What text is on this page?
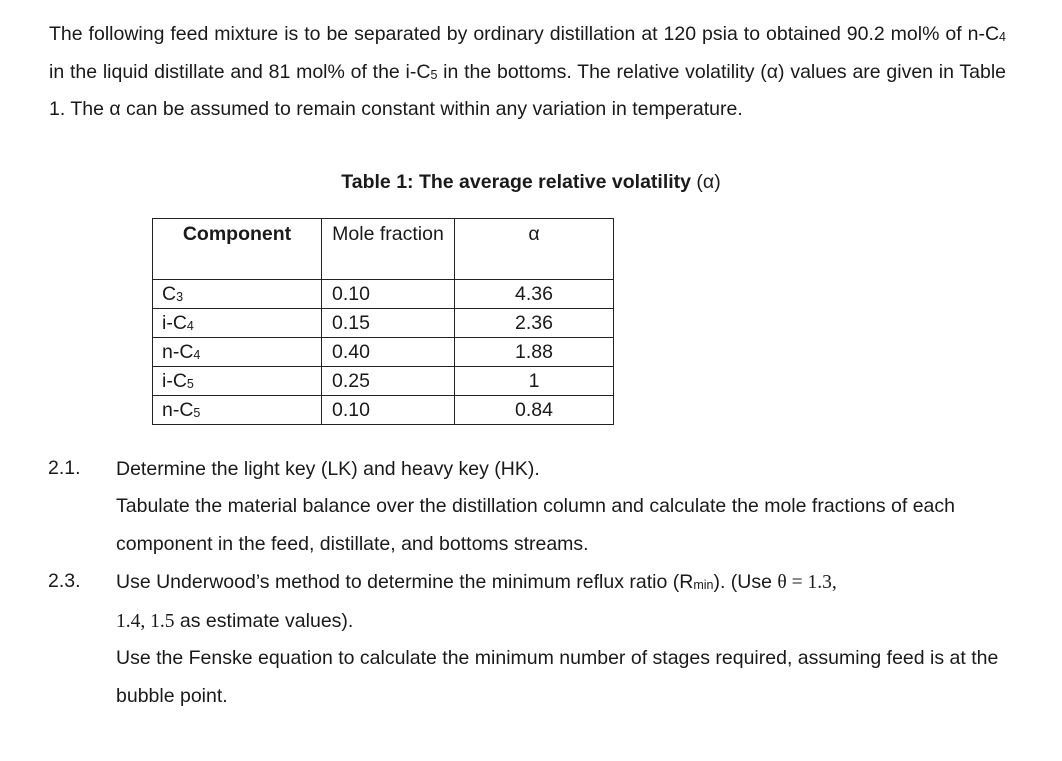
The following feed mixture is to be separated by ordinary distillation at 120 psia to obtained 90.2 mol% of $n-C_4$ in the liquid distillate and 81 mol% of the $i-C_5$ in the bottoms. The relative volatility (α) values are given in Table 1. The α can be assumed to remain constant within any variation in temperature.

Table 1: The average relative volatility (α)

Component	Mole fraction	α
$C_3$	0.10	4.36
$i-C_4$	0.15	2.36
$n-C_4$	0.40	1.88
$i-C_5$	0.25	1
$n-C_5$	0.10	0.84
2.1. Determine the light key (LK) and heavy key (HK).

Tabulate the material balance over the distillation column and calculate the mole fractions of each component in the feed, distillate, and bottoms streams.

2.3. Use Underwood’s method to determine the minimum reflux ratio $(R_{min})$. (Use θ = 1.3,
1.4, 1.5 as estimate values).

Use the Fenske equation to calculate the minimum number of stages required, assuming feed is at the bubble point.
